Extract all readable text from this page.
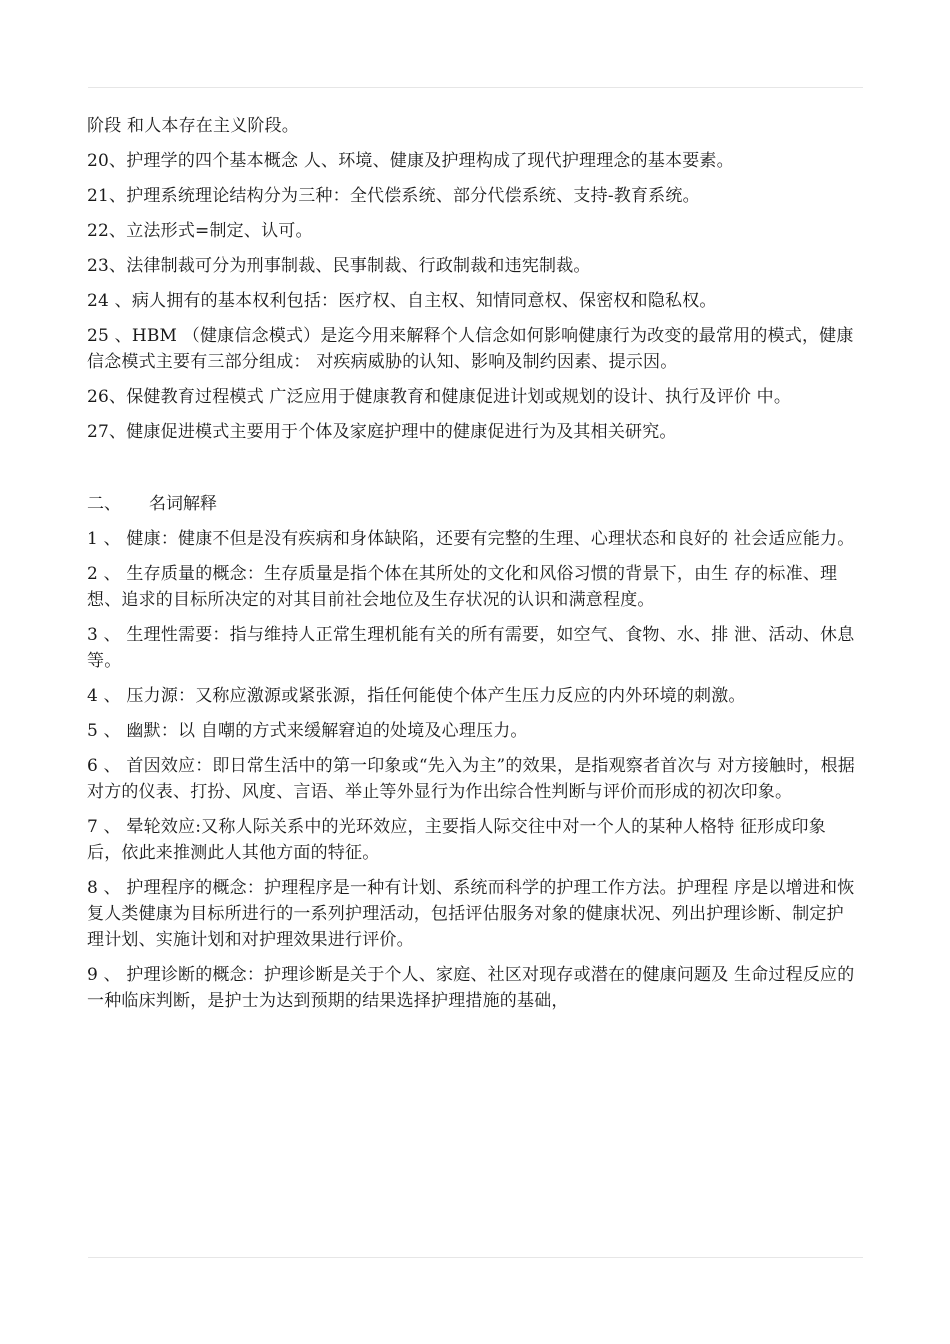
阶段 和人本存在主义阶段。

20、护理学的四个基本概念 人、环境、健康及护理构成了现代护理理念的基本要素。

21、护理系统理论结构分为三种：全代偿系统、部分代偿系统、支持-教育系统。

22、立法形式=制定、认可。

23、法律制裁可分为刑事制裁、民事制裁、行政制裁和违宪制裁。

24 、病人拥有的基本权利包括：医疗权、自主权、知情同意权、保密权和隐私权。

25 、HBM （健康信念模式）是迄今用来解释个人信念如何影响健康行为改变的最常用的模式，健康信念模式主要有三部分组成： 对疾病威胁的认知、影响及制约因素、提示因。

26、保健教育过程模式 广泛应用于健康教育和健康促进计划或规划的设计、执行及评价 中。

27、健康促进模式主要用于个体及家庭护理中的健康促进行为及其相关研究。

二、 名词解释

1 、 健康：健康不但是没有疾病和身体缺陷，还要有完整的生理、心理状态和良好的 社会适应能力。

2 、 生存质量的概念：生存质量是指个体在其所处的文化和风俗习惯的背景下，由生 存的标准、理想、追求的目标所决定的对其目前社会地位及生存状况的认识和满意程度。

3 、 生理性需要：指与维持人正常生理机能有关的所有需要，如空气、食物、水、排 泄、活动、休息等。

4 、 压力源：又称应激源或紧张源，指任何能使个体产生压力反应的内外环境的刺激。

5 、 幽默：以 自嘲的方式来缓解窘迫的处境及心理压力。

6 、 首因效应：即日常生活中的第一印象或“先入为主”的效果，是指观察者首次与 对方接触时，根据对方的仪表、打扮、风度、言语、举止等外显行为作出综合性判断与评价而形成的初次印象。

7 、 晕轮效应:又称人际关系中的光环效应，主要指人际交往中对一个人的某种人格特 征形成印象后，依此来推测此人其他方面的特征。

8 、 护理程序的概念：护理程序是一种有计划、系统而科学的护理工作方法。护理程 序是以增进和恢复人类健康为目标所进行的一系列护理活动，包括评估服务对象的健康状况、列出护理诊断、制定护理计划、实施计划和对护理效果进行评价。

9 、 护理诊断的概念：护理诊断是关于个人、家庭、社区对现存或潜在的健康问题及 生命过程反应的一种临床判断，是护士为达到预期的结果选择护理措施的基础，
